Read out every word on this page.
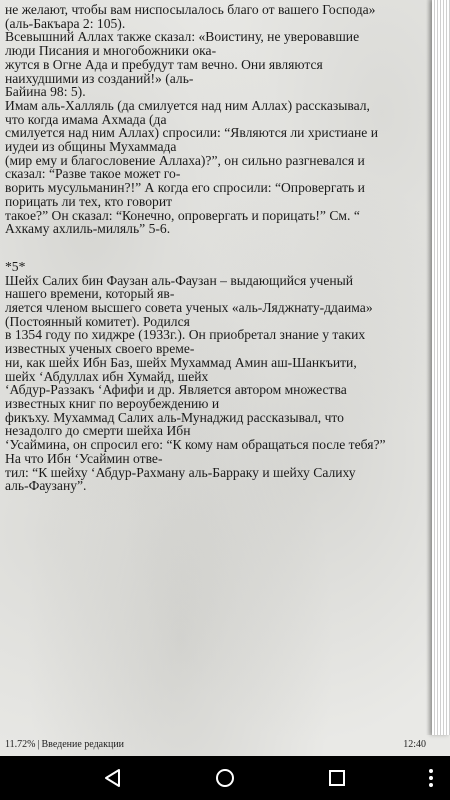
не желают, чтобы вам ниспосылалось благо от вашего Господа»
(аль-Бакъара 2: 105).
Всевышний Аллах также сказал: «Воистину, не уверовавшие
люди Писания и многобожники ока-
жутся в Огне Ада и пребудут там вечно. Они являются
наихудшими из созданий!» (аль-
Байина 98: 5).
Имам аль-Халляль (да смилуется над ним Аллах) рассказывал,
что когда имама Ахмада (да
смилуется над ним Аллах) спросили: “Являются ли христиане и
иудеи из общины Мухаммада
(мир ему и благословение Аллаха)?”, он сильно разгневался и
сказал: “Разве такое может го-
ворить мусульманин?!” А когда его спросили: “Опровергать и
порицать ли тех, кто говорит
такое?” Он сказал: “Конечно, опровергать и порицать!” См. “
Ахкаму ахлиль-миляль” 5-6.
*5*
Шейх Салих бин Фаузан аль-Фаузан – выдающийся ученый
нашего времени, который яв-
ляется членом высшего совета ученых «аль-Ляджнату-ддаима»
(Постоянный комитет). Родился
в 1354 году по хиджре (1933г.). Он приобретал знание у таких
известных ученых своего време-
ни, как шейх Ибн Баз, шейх Мухаммад Амин аш-Шанкъити,
шейх ‘Абдуллах ибн Хумайд, шейх
‘Абдур-Раззакъ ‘Афифи и др. Является автором множества
известных книг по вероубеждению и
фикъху. Мухаммад Салих аль-Мунаджид рассказывал, что
незадолго до смерти шейха Ибн
‘Усаймина, он спросил его: “К кому нам обращаться после тебя?”
На что Ибн ‘Усаймин отве-
тил: “К шейху ‘Абдур-Рахману аль-Барраку и шейху Салиху
аль-Фаузану”.
11.72% | Введение редакции	12:40
